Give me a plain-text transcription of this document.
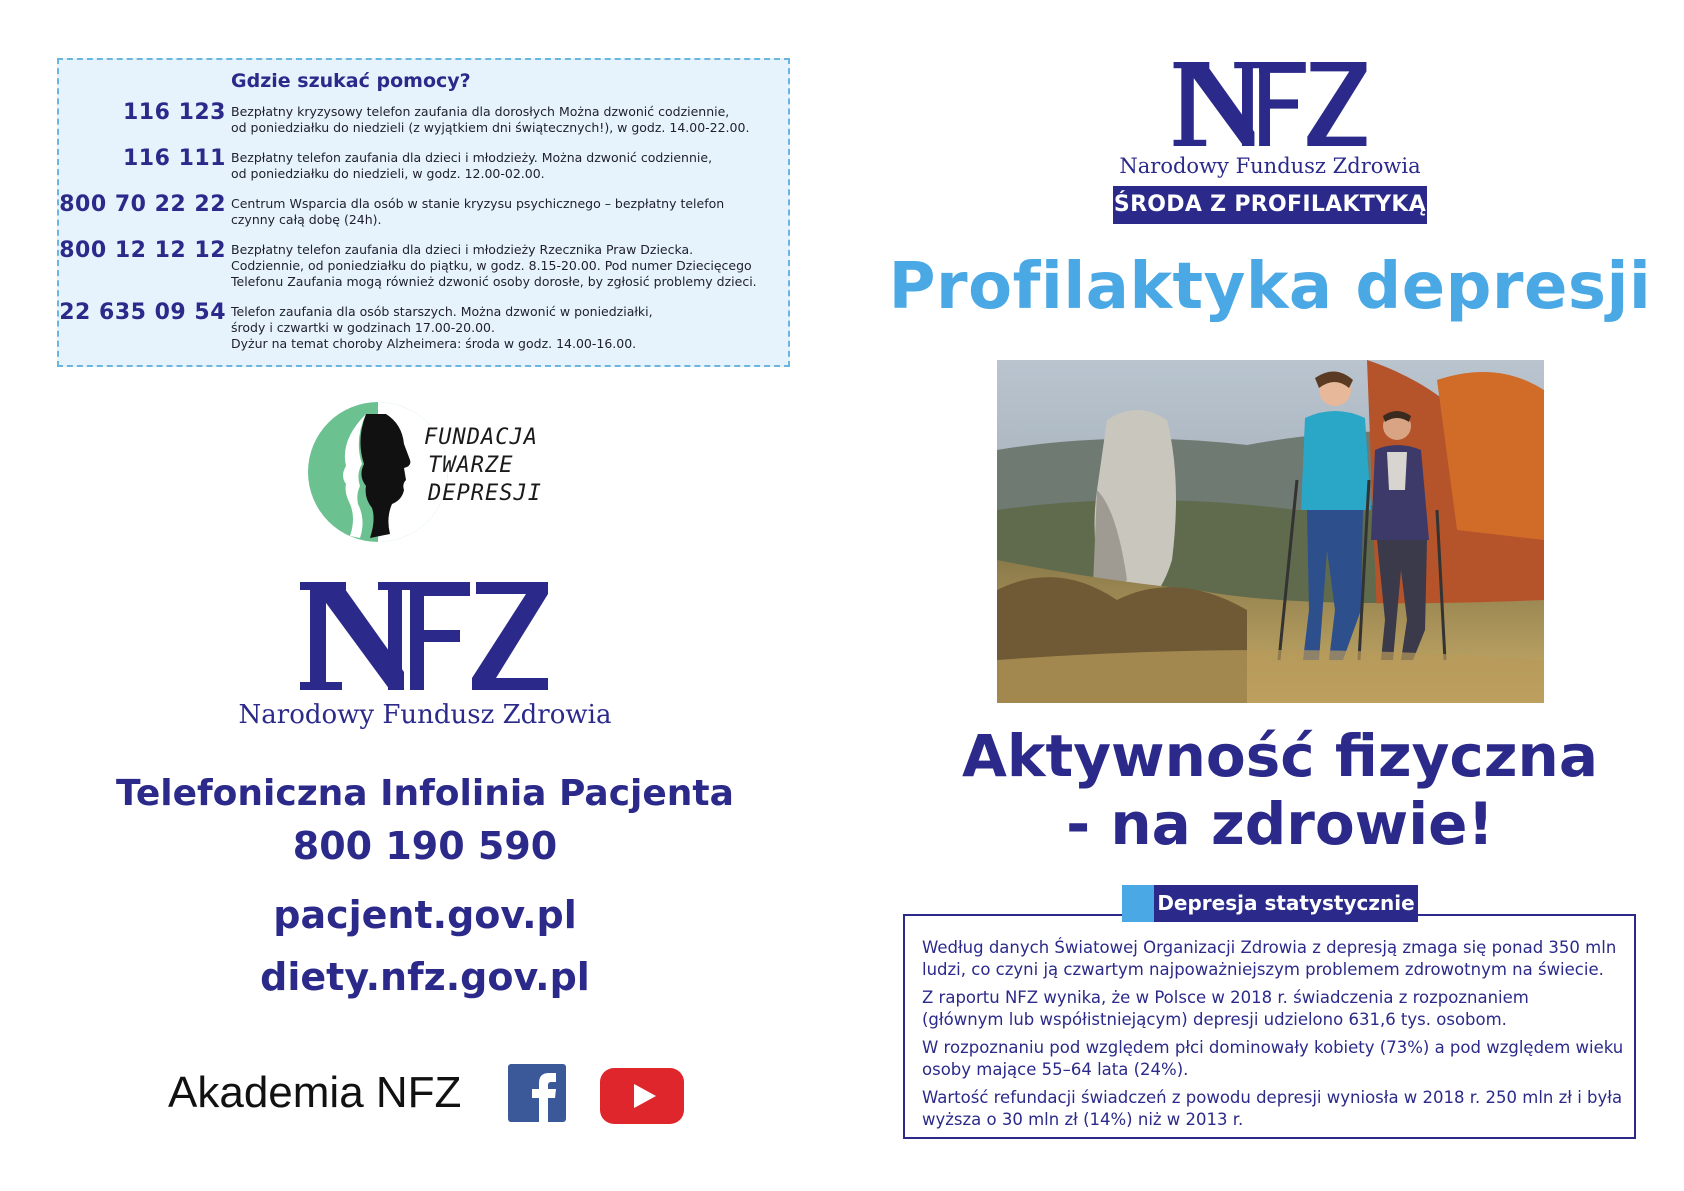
Gdzie szukać pomocy?
116 123 Bezpłatny kryzysowy telefon zaufania dla dorosłych Można dzwonić codziennie,
od poniedziałku do niedzieli (z wyjątkiem dni świątecznych!), w godz. 14.00-22.00.
116 111 Bezpłatny telefon zaufania dla dzieci i młodzieży. Można dzwonić codziennie,
od poniedziałku do niedzieli, w godz. 12.00-02.00.
800 70 22 22 Centrum Wsparcia dla osób w stanie kryzysu psychicznego – bezpłatny telefon
czynny całą dobę (24h).
800 12 12 12 Bezpłatny telefon zaufania dla dzieci i młodzieży Rzecznika Praw Dziecka.
Codziennie, od poniedziałku do piątku, w godz. 8.15-20.00. Pod numer Dziecięcego
Telefonu Zaufania mogą również dzwonić osoby dorosłe, by zgłosić problemy dzieci.
22 635 09 54 Telefon zaufania dla osób starszych. Można dzwonić w poniedziałki,
środy i czwartki w godzinach 17.00-20.00.
Dyżur na temat choroby Alzheimera: środa w godz. 14.00-16.00.
FUNDACJA
TWARZE
DEPRESJI
Narodowy Fundusz Zdrowia
Telefoniczna Infolinia Pacjenta
800 190 590
pacjent.gov.pl
diety.nfz.gov.pl
Akademia NFZ
Narodowy Fundusz Zdrowia
ŚRODA Z PROFILAKTYKĄ
Profilaktyka depresji
Aktywność fizyczna
- na zdrowie!

Według danych Światowej Organizacji Zdrowia z depresją zmaga się ponad 350 mln
ludzi, co czyni ją czwartym najpoważniejszym problemem zdrowotnym na świecie.

Z raportu NFZ wynika, że w Polsce w 2018 r. świadczenia z rozpoznaniem
(głównym lub współistniejącym) depresji udzielono 631,6 tys. osobom.

W rozpoznaniu pod względem płci dominowały kobiety (73%) a pod względem wieku
osoby mające 55–64 lata (24%).

Wartość refundacji świadczeń z powodu depresji wyniosła w 2018 r. 250 mln zł i była
wyższa o 30 mln zł (14%) niż w 2013 r.

Depresja statystycznie
